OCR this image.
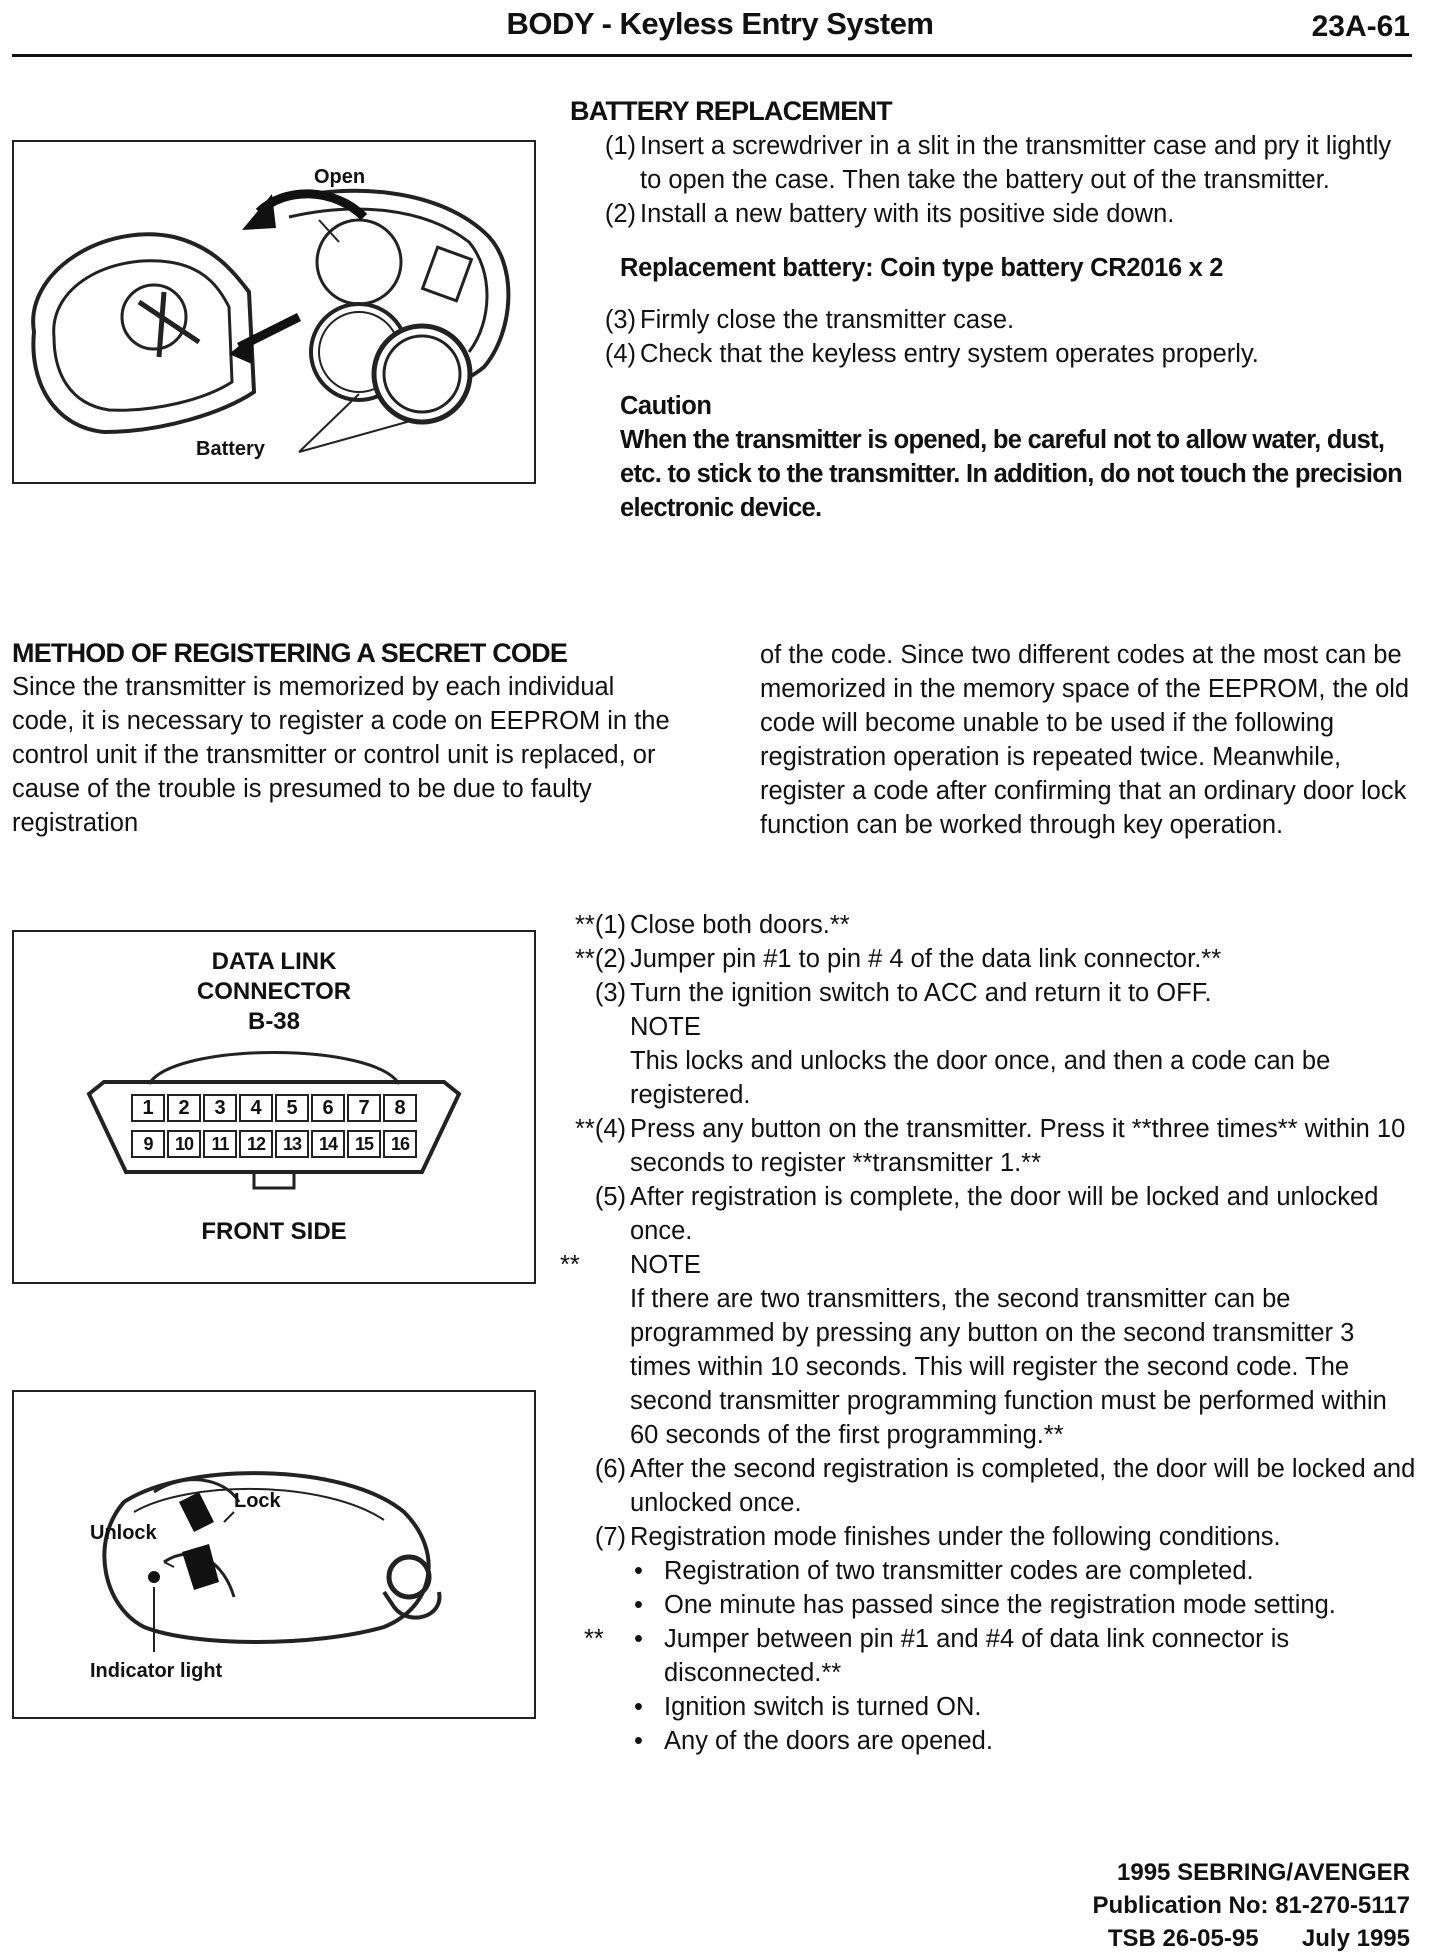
BODY - Keyless Entry System	23A-61
Open
Battery
BATTERY REPLACEMENT
(1) Insert a screwdriver in a slit in the transmitter case and pry it lightly to open the case. Then take the battery out of the transmitter.
(2) Install a new battery with its positive side down.
Replacement battery: Coin type battery CR2016 x 2
(3) Firmly close the transmitter case.
(4) Check that the keyless entry system operates properly.
Caution
When the transmitter is opened, be careful not to allow water, dust, etc. to stick to the transmitter. In addition, do not touch the precision electronic device.
METHOD OF REGISTERING A SECRET CODE
Since the transmitter is memorized by each individual code, it is necessary to register a code on EEPROM in the control unit if the transmitter or control unit is replaced, or cause of the trouble is presumed to be due to faulty registration
of the code. Since two different codes at the most can be memorized in the memory space of the EEPROM, the old code will become unable to be used if the following registration operation is repeated twice. Meanwhile, register a code after confirming that an ordinary door lock function can be worked through key operation.
DATA LINK
CONNECTOR
B-38
1	2	3	4	5	6	7	8
9	10	11	12 13 14 15 16
FRONT SIDE
Lock
Unlock
Indicator light
**(1) Close both doors.**
**(2) Jumper pin #1 to pin # 4 of the data link connector.**
(3) Turn the ignition switch to ACC and return it to OFF.
NOTE
This locks and unlocks the door once, and then a code can be registered.
**(4) Press any button on the transmitter. Press it **three times** within 10 seconds to register **transmitter 1.**
(5) After registration is complete, the door will be locked and unlocked once.
**	NOTE
If there are two transmitters, the second transmitter can be programmed by pressing any button on the second transmitter 3 times within 10 seconds. This will register the second code. The second transmitter programming function must be performed within 60 seconds of the first programming.**
(6) After the second registration is completed, the door will be locked and unlocked once.
(7) Registration mode finishes under the following conditions.
• Registration of two transmitter codes are completed.
• One minute has passed since the registration mode setting.
**	• Jumper between pin #1 and #4 of data link connector is disconnected.**
• Ignition switch is turned ON.
• Any of the doors are opened.
1995 SEBRING/AVENGER
Publication No: 81-270-5117
TSB 26-05-95 July 1995
